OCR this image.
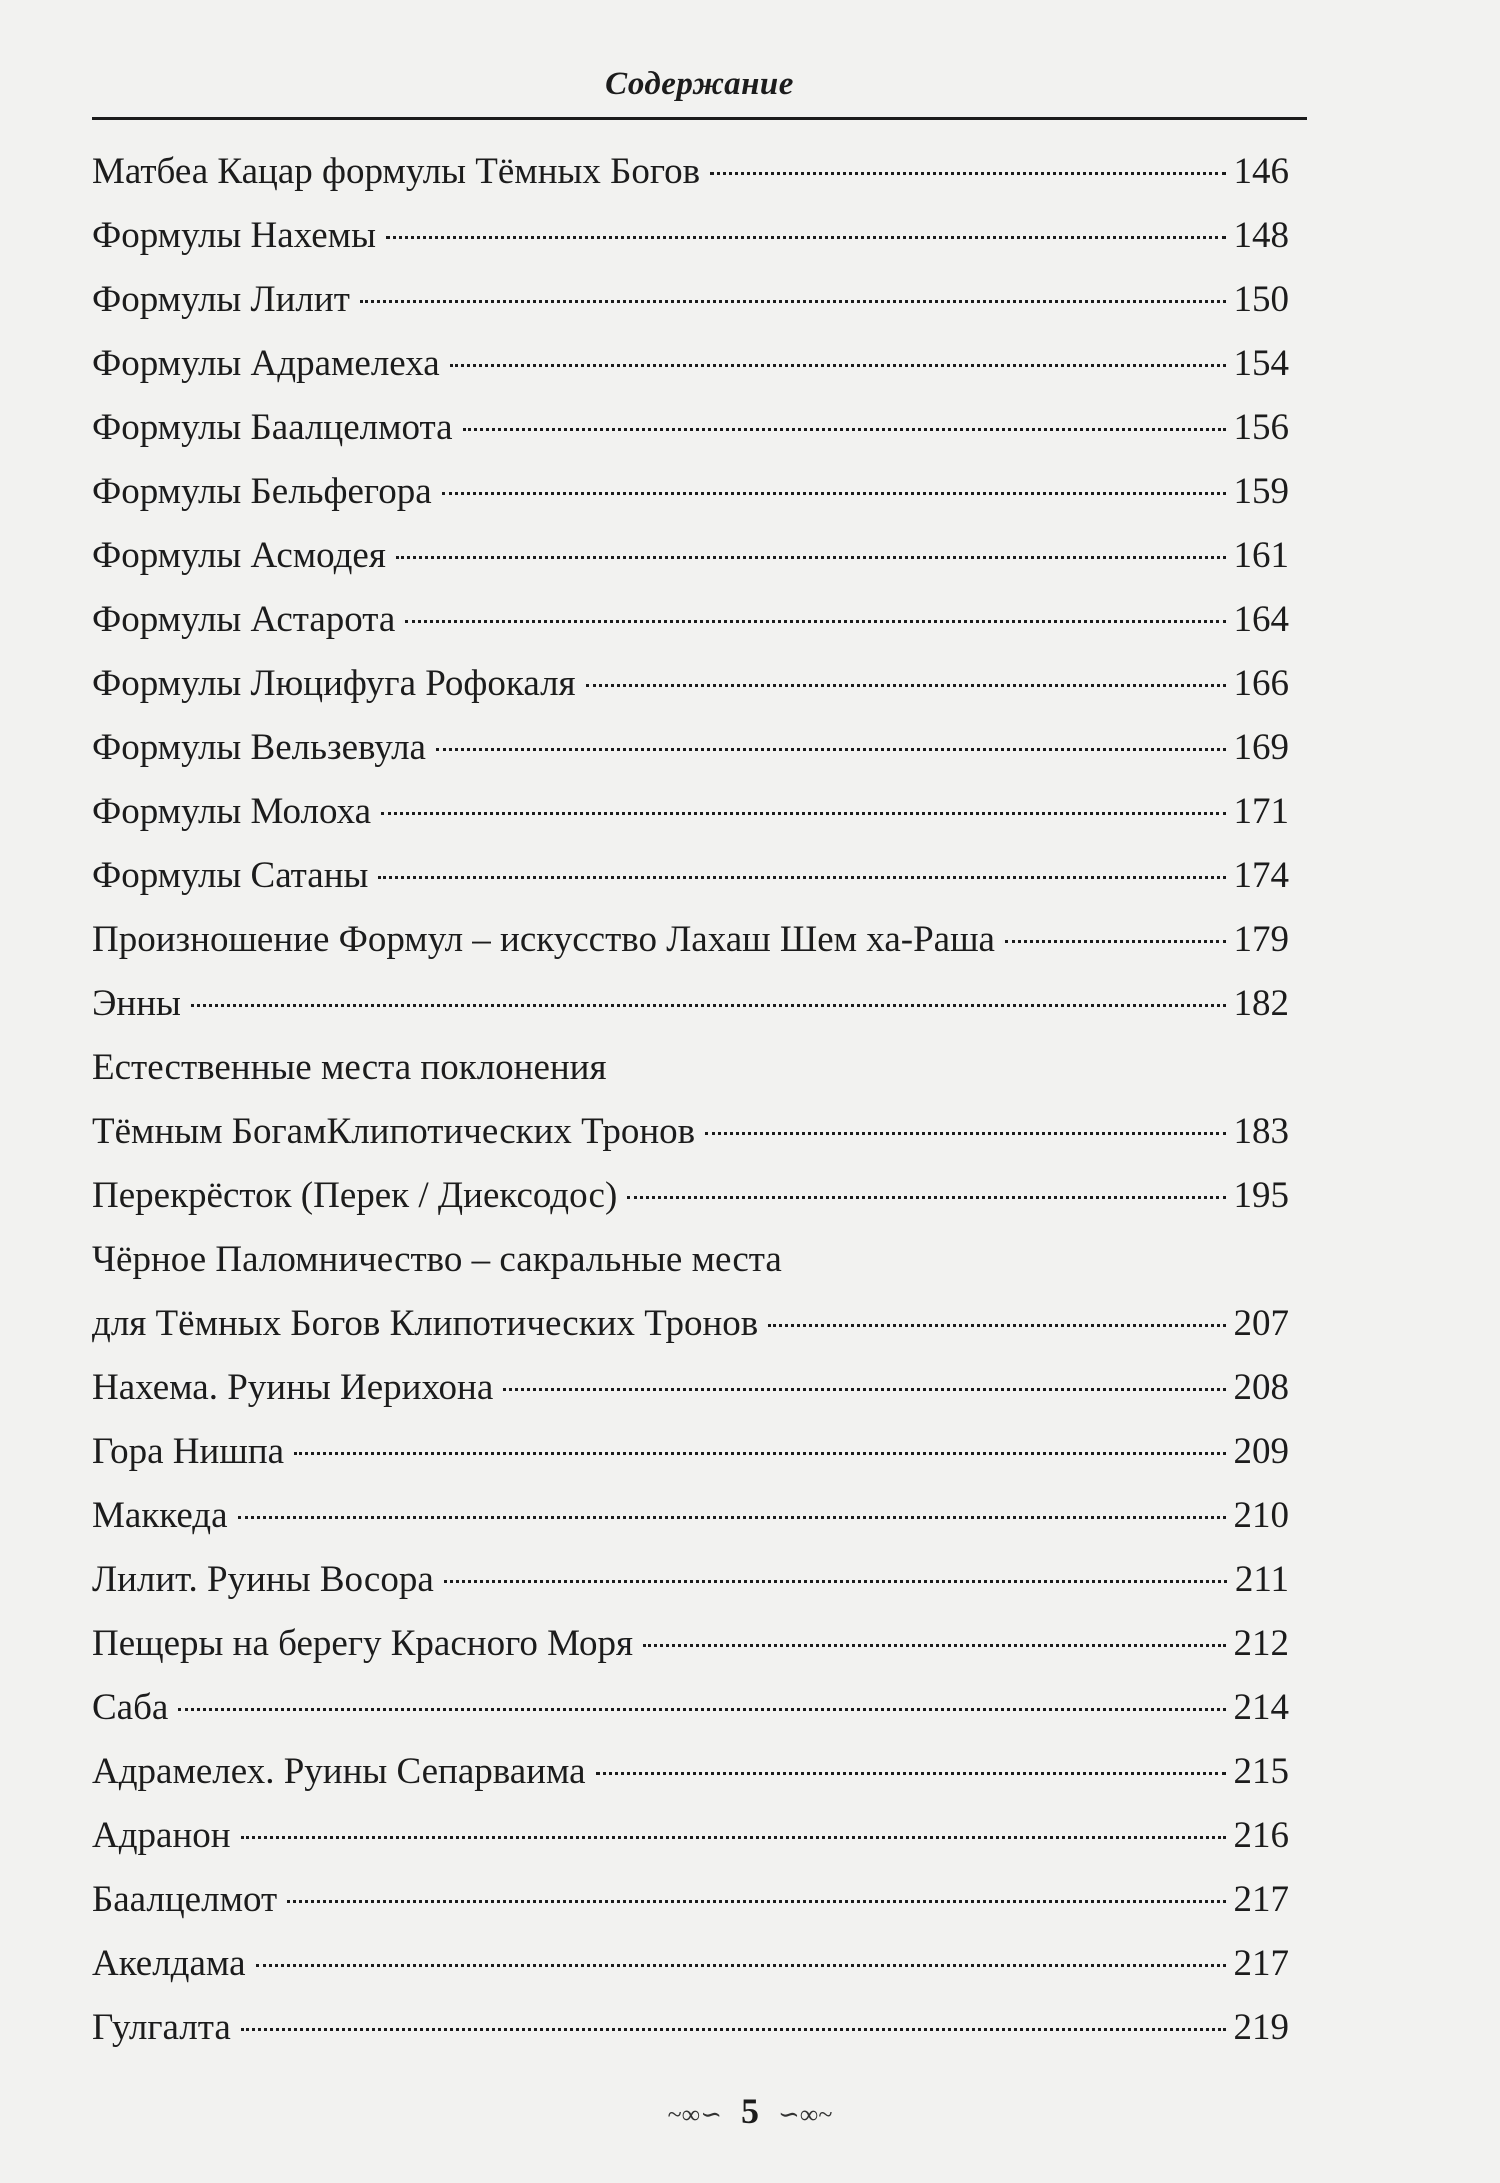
Содержание
Матбеа Кацар формулы Тёмных Богов	146
Формулы Нахемы	148
Формулы Лилит	150
Формулы Адрамелеха	154
Формулы Баалцелмота	156
Формулы Бельфегора	159
Формулы Асмодея	161
Формулы Астарота	164
Формулы Люцифуга Рофокаля	166
Формулы Вельзевула	169
Формулы Молоха	171
Формулы Сатаны	174
Произношение Формул – искусство Лахаш Шем ха-Раша	179
Энны	182
Естественные места поклонения
Тёмным БогамКлипотических Тронов	183
Перекрёсток (Перек / Диексодос)	195
Чёрное Паломничество – сакральные места
для Тёмных Богов Клипотических Тронов	207
Нахема. Руины Иерихона	208
Гора Нишпа	209
Маккеда	210
Лилит. Руины Восора	211
Пещеры на берегу Красного Моря	212
Саба	214
Адрамелех. Руины Сепарваима	215
Адранон	216
Баалцелмот	217
Акелдама	217
Гулгалта	219
~∞∽ 5 ∽∞~
